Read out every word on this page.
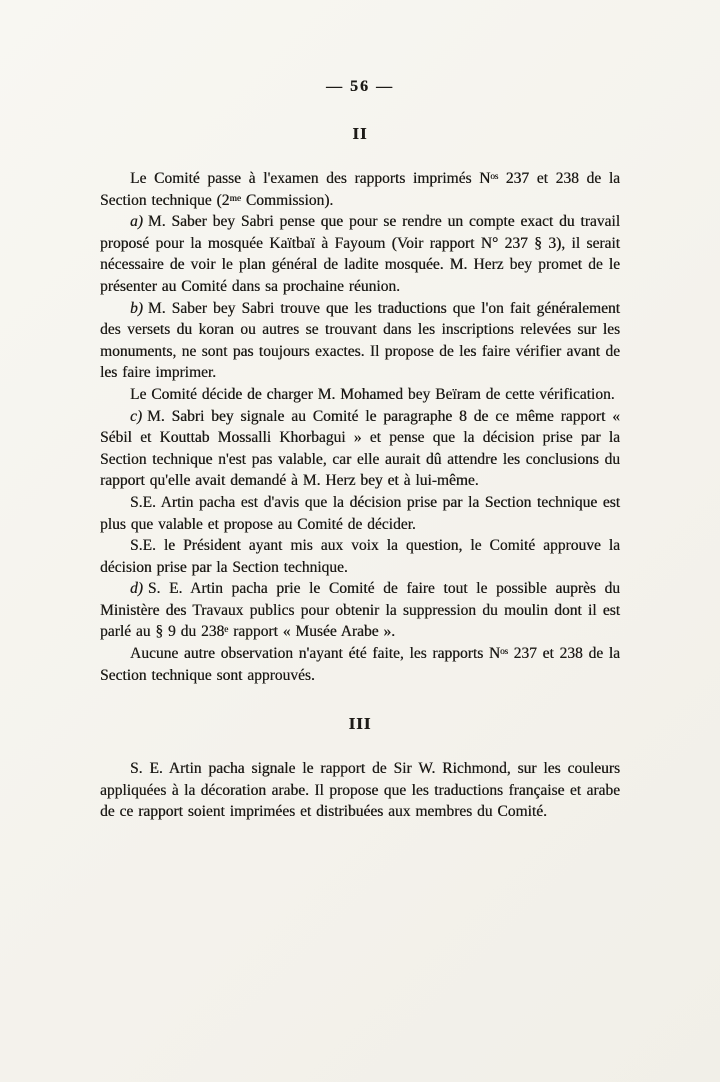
— 56 —
II

Le Comité passe à l'examen des rapports imprimés Nᵒˢ 237 et 238 de la Section technique (2ᵐᵉ Commission).

a) M. Saber bey Sabri pense que pour se rendre un compte exact du travail proposé pour la mosquée Kaïtbaï à Fayoum (Voir rapport N° 237 § 3), il serait nécessaire de voir le plan général de ladite mosquée. M. Herz bey promet de le présenter au Comité dans sa prochaine réunion.

b) M. Saber bey Sabri trouve que les traductions que l'on fait généralement des versets du koran ou autres se trouvant dans les inscriptions relevées sur les monuments, ne sont pas toujours exactes. Il propose de les faire vérifier avant de les faire imprimer.

Le Comité décide de charger M. Mohamed bey Beïram de cette vérification.

c) M. Sabri bey signale au Comité le paragraphe 8 de ce même rapport « Sébil et Kouttab Mossalli Khorbagui » et pense que la décision prise par la Section technique n'est pas valable, car elle aurait dû attendre les conclusions du rapport qu'elle avait demandé à M. Herz bey et à lui-même.

S.E. Artin pacha est d'avis que la décision prise par la Section technique est plus que valable et propose au Comité de décider.

S.E. le Président ayant mis aux voix la question, le Comité approuve la décision prise par la Section technique.

d) S. E. Artin pacha prie le Comité de faire tout le possible auprès du Ministère des Travaux publics pour obtenir la suppression du moulin dont il est parlé au § 9 du 238ᵉ rapport « Musée Arabe ».

Aucune autre observation n'ayant été faite, les rapports Nᵒˢ 237 et 238 de la Section technique sont approuvés.

III

S. E. Artin pacha signale le rapport de Sir W. Richmond, sur les couleurs appliquées à la décoration arabe. Il propose que les traductions française et arabe de ce rapport soient imprimées et distribuées aux membres du Comité.
